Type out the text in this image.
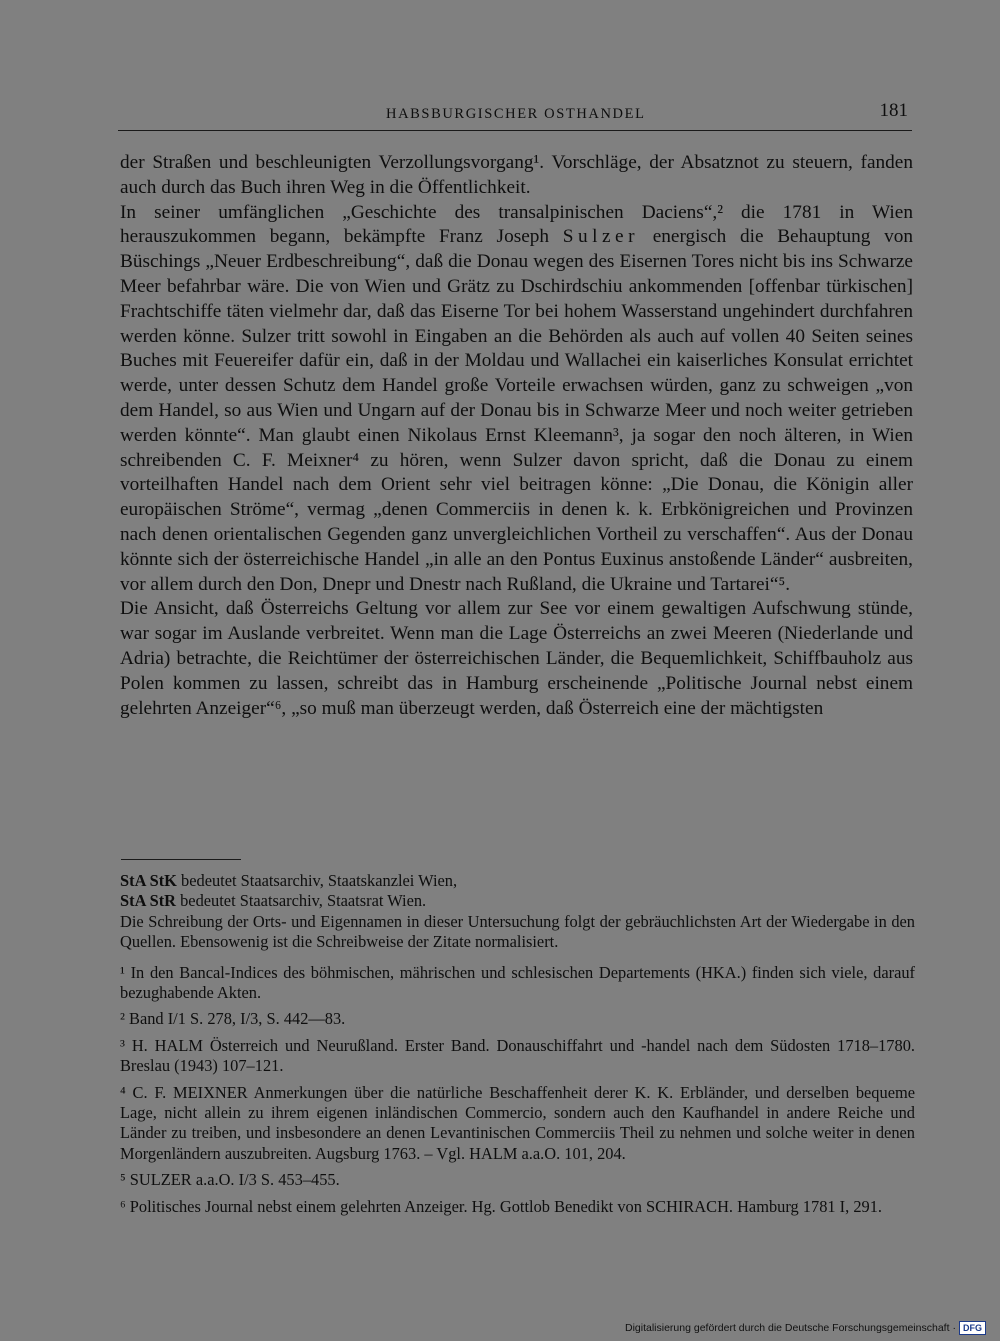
HABSBURGISCHER OSTHANDEL	181

der Straßen und beschleunigten Verzollungsvorgang¹. Vorschläge, der Absatznot zu steuern, fanden auch durch das Buch ihren Weg in die Öffentlichkeit.

In seiner umfänglichen „Geschichte des transalpinischen Daciens“,² die 1781 in Wien herauszukommen begann, bekämpfte Franz Joseph Sulzer energisch die Behauptung von Büschings „Neuer Erdbeschreibung“, daß die Donau wegen des Eisernen Tores nicht bis ins Schwarze Meer befahrbar wäre. Die von Wien und Grätz zu Dschirdschiu ankommenden [offenbar türkischen] Frachtschiffe täten vielmehr dar, daß das Eiserne Tor bei hohem Wasserstand ungehindert durchfahren werden könne. Sulzer tritt sowohl in Eingaben an die Behörden als auch auf vollen 40 Seiten seines Buches mit Feuereifer dafür ein, daß in der Moldau und Wallachei ein kaiserliches Konsulat errichtet werde, unter dessen Schutz dem Handel große Vorteile erwachsen würden, ganz zu schweigen „von dem Handel, so aus Wien und Ungarn auf der Donau bis in Schwarze Meer und noch weiter getrieben werden könnte“. Man glaubt einen Nikolaus Ernst Kleemann³, ja sogar den noch älteren, in Wien schreibenden C. F. Meixner⁴ zu hören, wenn Sulzer davon spricht, daß die Donau zu einem vorteilhaften Handel nach dem Orient sehr viel beitragen könne: „Die Donau, die Königin aller europäischen Ströme“, vermag „denen Commerciis in denen k. k. Erbkönigreichen und Provinzen nach denen orientalischen Gegenden ganz unvergleichlichen Vortheil zu verschaffen“. Aus der Donau könnte sich der österreichische Handel „in alle an den Pontus Euxinus anstoßende Länder“ ausbreiten, vor allem durch den Don, Dnepr und Dnestr nach Rußland, die Ukraine und Tartarei“⁵.

Die Ansicht, daß Österreichs Geltung vor allem zur See vor einem gewaltigen Aufschwung stünde, war sogar im Auslande verbreitet. Wenn man die Lage Österreichs an zwei Meeren (Niederlande und Adria) betrachte, die Reichtümer der österreichischen Länder, die Bequemlichkeit, Schiffbauholz aus Polen kommen zu lassen, schreibt das in Hamburg erscheinende „Politische Journal nebst einem gelehrten Anzeiger“⁶, „so muß man überzeugt werden, daß Österreich eine der mächtigsten

StA StK bedeutet Staatsarchiv, Staatskanzlei Wien,

StA StR bedeutet Staatsarchiv, Staatsrat Wien.

Die Schreibung der Orts- und Eigennamen in dieser Untersuchung folgt der gebräuchlichsten Art der Wiedergabe in den Quellen. Ebensowenig ist die Schreibweise der Zitate normalisiert.

¹ In den Bancal-Indices des böhmischen, mährischen und schlesischen Departements (HKA.) finden sich viele, darauf bezughabende Akten.

² Band I/1 S. 278, I/3, S. 442—83.

³ H. HALM Österreich und Neurußland. Erster Band. Donauschiffahrt und -handel nach dem Südosten 1718–1780. Breslau (1943) 107–121.

⁴ C. F. MEIXNER Anmerkungen über die natürliche Beschaffenheit derer K. K. Erbländer, und derselben bequeme Lage, nicht allein zu ihrem eigenen inländischen Commercio, sondern auch den Kaufhandel in andere Reiche und Länder zu treiben, und insbesondere an denen Levantinischen Commerciis Theil zu nehmen und solche weiter in denen Morgenländern auszubreiten. Augsburg 1763. – Vgl. HALM a.a.O. 101, 204.

⁵ SULZER a.a.O. I/3 S. 453–455.

⁶ Politisches Journal nebst einem gelehrten Anzeiger. Hg. Gottlob Benedikt von SCHIRACH. Hamburg 1781 I, 291.

Digitalisierung gefördert durch die Deutsche Forschungsgemeinschaft · DFG
